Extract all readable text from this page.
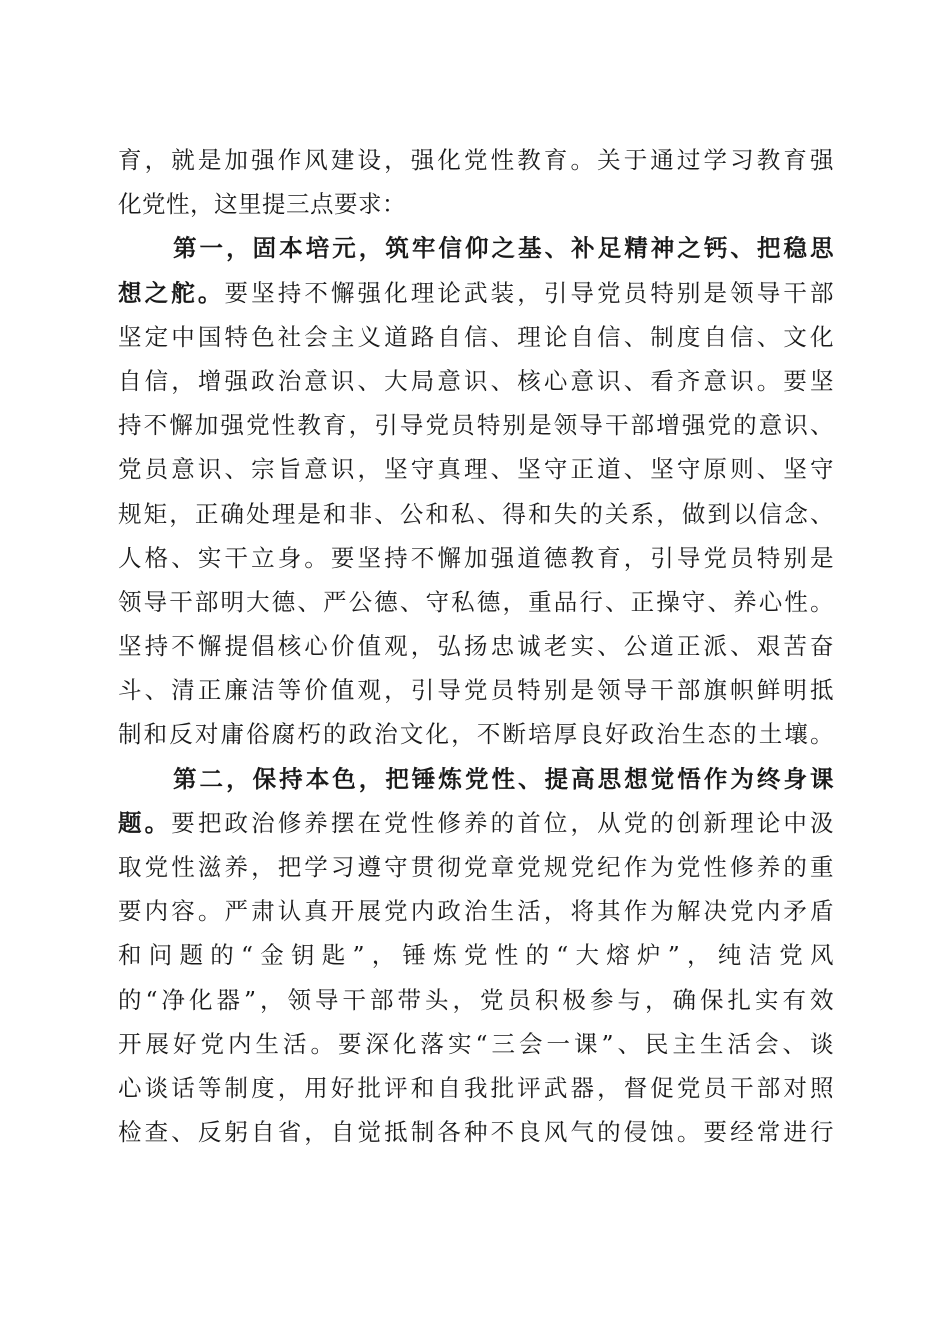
育，就是加强作风建设，强化党性教育。关于通过学习教育强
化党性，这里提三点要求：
第一，固本培元，筑牢信仰之基、补足精神之钙、把稳思
想之舵。要坚持不懈强化理论武装，引导党员特别是领导干部
坚定中国特色社会主义道路自信、理论自信、制度自信、文化
自信，增强政治意识、大局意识、核心意识、看齐意识。要坚
持不懈加强党性教育，引导党员特别是领导干部增强党的意识、
党员意识、宗旨意识，坚守真理、坚守正道、坚守原则、坚守
规矩，正确处理是和非、公和私、得和失的关系，做到以信念、
人格、实干立身。要坚持不懈加强道德教育，引导党员特别是
领导干部明大德、严公德、守私德，重品行、正操守、养心性。
坚持不懈提倡核心价值观，弘扬忠诚老实、公道正派、艰苦奋
斗、清正廉洁等价值观，引导党员特别是领导干部旗帜鲜明抵
制和反对庸俗腐朽的政治文化，不断培厚良好政治生态的土壤。
第二，保持本色，把锤炼党性、提高思想觉悟作为终身课
题。要把政治修养摆在党性修养的首位，从党的创新理论中汲
取党性滋养，把学习遵守贯彻党章党规党纪作为党性修养的重
要内容。严肃认真开展党内政治生活，将其作为解决党内矛盾
和问题的“金钥匙”，锤炼党性的“大熔炉”，纯洁党风
的“净化器”，领导干部带头，党员积极参与，确保扎实有效
开展好党内生活。要深化落实“三会一课”、民主生活会、谈
心谈话等制度，用好批评和自我批评武器，督促党员干部对照
检查、反躬自省，自觉抵制各种不良风气的侵蚀。要经常进行
